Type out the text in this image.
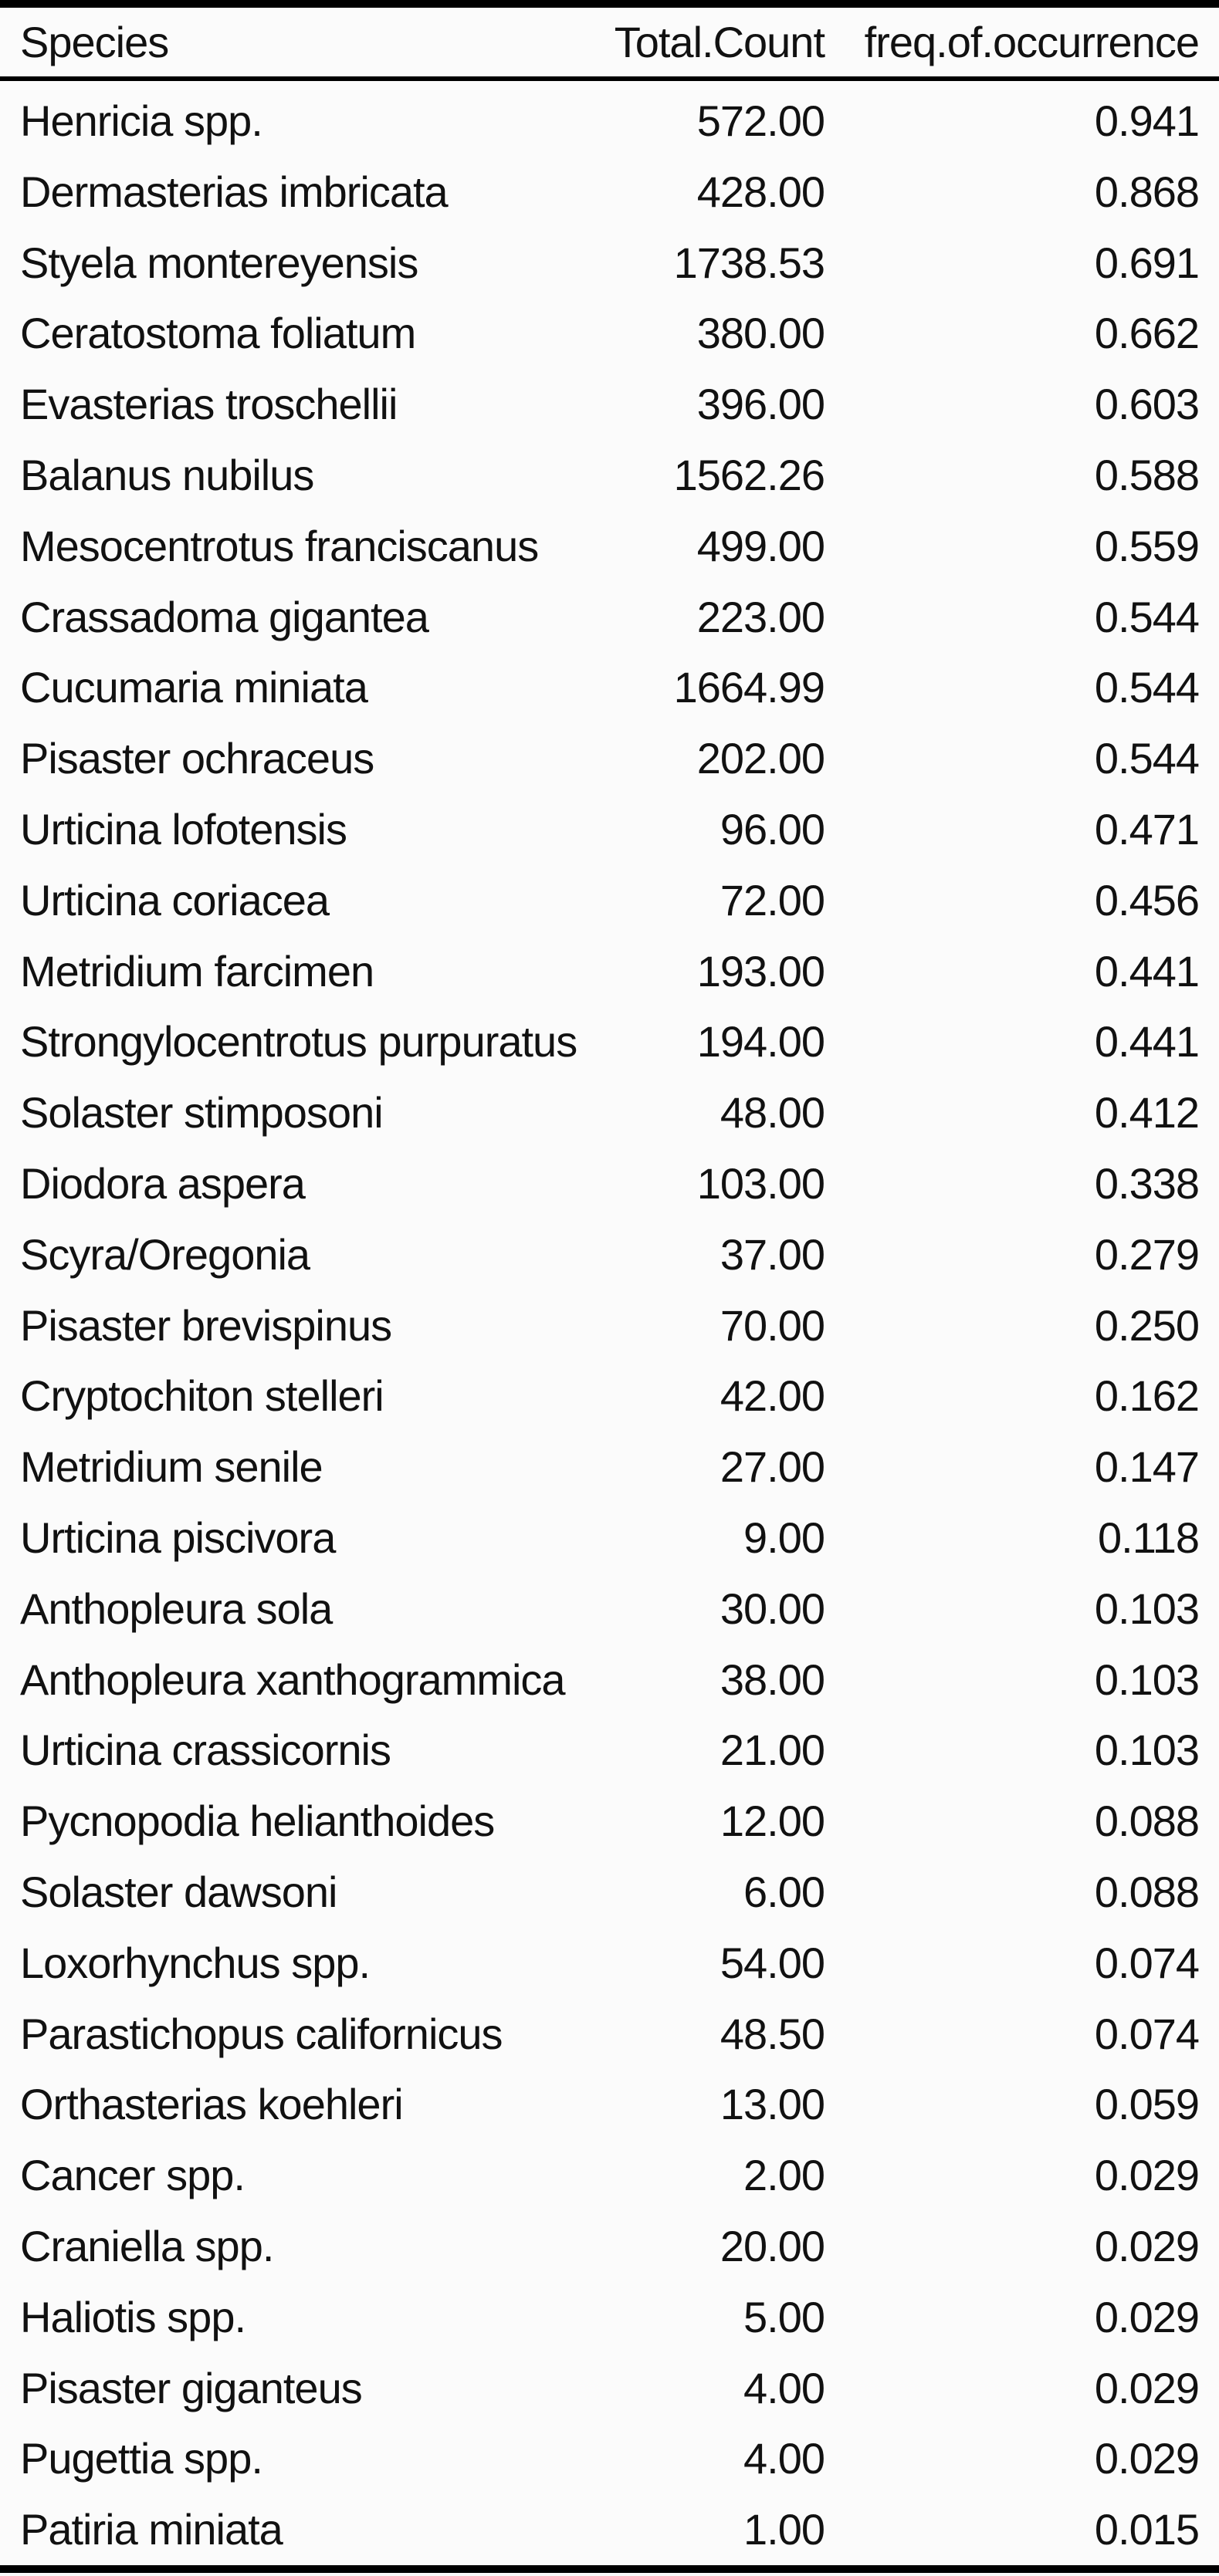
Species	Total.Count	freq.of.occurrence
Henricia spp.	572.00	0.941
Dermasterias imbricata	428.00	0.868
Styela montereyensis	1738.53	0.691
Ceratostoma foliatum	380.00	0.662
Evasterias troschellii	396.00	0.603
Balanus nubilus	1562.26	0.588
Mesocentrotus franciscanus	499.00	0.559
Crassadoma gigantea	223.00	0.544
Cucumaria miniata	1664.99	0.544
Pisaster ochraceus	202.00	0.544
Urticina lofotensis	96.00	0.471
Urticina coriacea	72.00	0.456
Metridium farcimen	193.00	0.441
Strongylocentrotus purpuratus	194.00	0.441
Solaster stimposoni	48.00	0.412
Diodora aspera	103.00	0.338
Scyra/Oregonia	37.00	0.279
Pisaster brevispinus	70.00	0.250
Cryptochiton stelleri	42.00	0.162
Metridium senile	27.00	0.147
Urticina piscivora	9.00	0.118
Anthopleura sola	30.00	0.103
Anthopleura xanthogrammica	38.00	0.103
Urticina crassicornis	21.00	0.103
Pycnopodia helianthoides	12.00	0.088
Solaster dawsoni	6.00	0.088
Loxorhynchus spp.	54.00	0.074
Parastichopus californicus	48.50	0.074
Orthasterias koehleri	13.00	0.059
Cancer spp.	2.00	0.029
Craniella spp.	20.00	0.029
Haliotis spp.	5.00	0.029
Pisaster giganteus	4.00	0.029
Pugettia spp.	4.00	0.029
Patiria miniata	1.00	0.015
